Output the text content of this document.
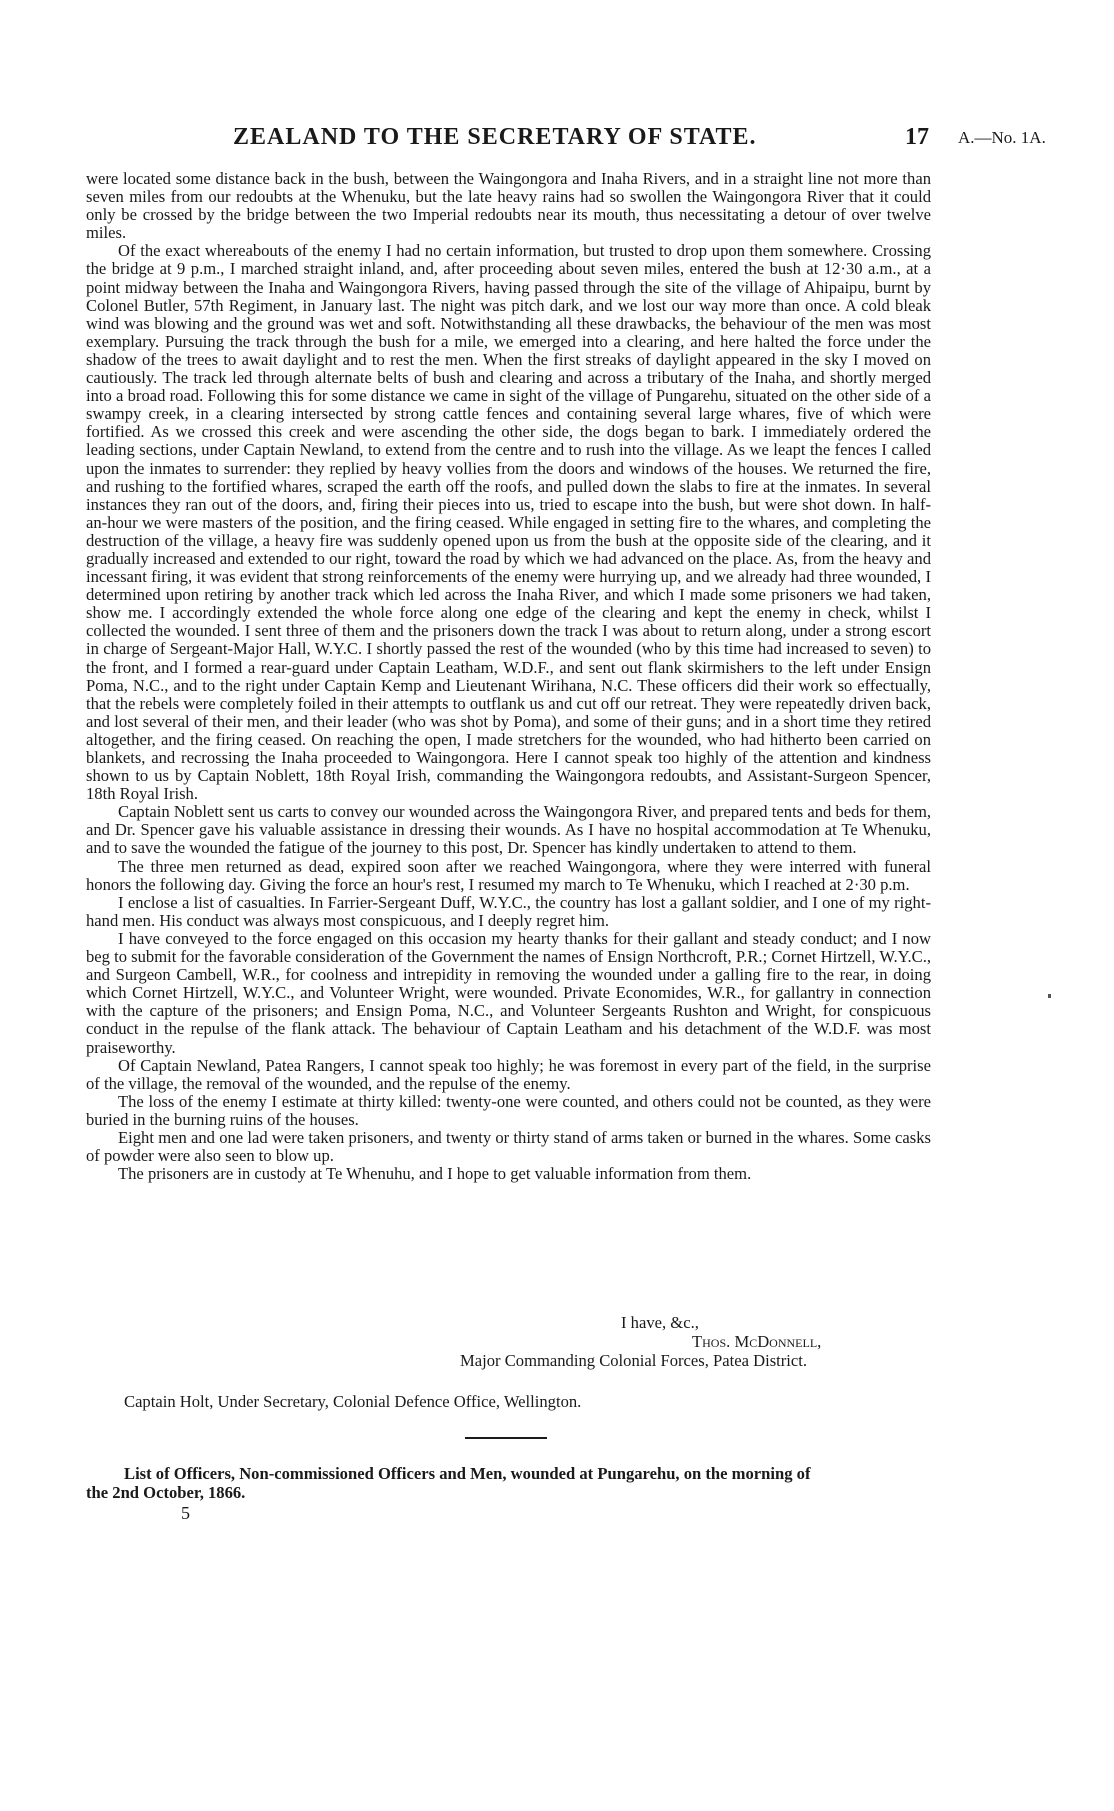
ZEALAND TO THE SECRETARY OF STATE.	17 A.—No. 1A.

were located some distance back in the bush, between the Waingongora and Inaha Rivers, and in a straight line not more than seven miles from our redoubts at the Whenuku, but the late heavy rains had so swollen the Waingongora River that it could only be crossed by the bridge between the two Imperial redoubts near its mouth, thus necessitating a detour of over twelve miles.

Of the exact whereabouts of the enemy I had no certain information, but trusted to drop upon them somewhere. Crossing the bridge at 9 p.m., I marched straight inland, and, after proceeding about seven miles, entered the bush at 12·30 a.m., at a point midway between the Inaha and Waingongora Rivers, having passed through the site of the village of Ahipaipu, burnt by Colonel Butler, 57th Regiment, in January last. The night was pitch dark, and we lost our way more than once. A cold bleak wind was blowing and the ground was wet and soft. Notwithstanding all these drawbacks, the behaviour of the men was most exemplary. Pursuing the track through the bush for a mile, we emerged into a clearing, and here halted the force under the shadow of the trees to await daylight and to rest the men. When the first streaks of daylight appeared in the sky I moved on cautiously. The track led through alternate belts of bush and clearing and across a tributary of the Inaha, and shortly merged into a broad road. Following this for some distance we came in sight of the village of Pungarehu, situated on the other side of a swampy creek, in a clearing intersected by strong cattle fences and containing several large whares, five of which were fortified. As we crossed this creek and were ascending the other side, the dogs began to bark. I immediately ordered the leading sections, under Captain Newland, to extend from the centre and to rush into the village. As we leapt the fences I called upon the inmates to surrender: they replied by heavy vollies from the doors and windows of the houses. We returned the fire, and rushing to the fortified whares, scraped the earth off the roofs, and pulled down the slabs to fire at the inmates. In several instances they ran out of the doors, and, firing their pieces into us, tried to escape into the bush, but were shot down. In half-an-hour we were masters of the position, and the firing ceased. While engaged in setting fire to the whares, and completing the destruction of the village, a heavy fire was suddenly opened upon us from the bush at the opposite side of the clearing, and it gradually increased and extended to our right, toward the road by which we had advanced on the place. As, from the heavy and incessant firing, it was evident that strong reinforcements of the enemy were hurrying up, and we already had three wounded, I determined upon retiring by another track which led across the Inaha River, and which I made some prisoners we had taken, show me. I accordingly extended the whole force along one edge of the clearing and kept the enemy in check, whilst I collected the wounded. I sent three of them and the prisoners down the track I was about to return along, under a strong escort in charge of Sergeant-Major Hall, W.Y.C. I shortly passed the rest of the wounded (who by this time had increased to seven) to the front, and I formed a rear-guard under Captain Leatham, W.D.F., and sent out flank skirmishers to the left under Ensign Poma, N.C., and to the right under Captain Kemp and Lieutenant Wirihana, N.C. These officers did their work so effectually, that the rebels were completely foiled in their attempts to outflank us and cut off our retreat. They were repeatedly driven back, and lost several of their men, and their leader (who was shot by Poma), and some of their guns; and in a short time they retired altogether, and the firing ceased. On reaching the open, I made stretchers for the wounded, who had hitherto been carried on blankets, and recrossing the Inaha proceeded to Waingongora. Here I cannot speak too highly of the attention and kindness shown to us by Captain Noblett, 18th Royal Irish, commanding the Waingongora redoubts, and Assistant-Surgeon Spencer, 18th Royal Irish.

Captain Noblett sent us carts to convey our wounded across the Waingongora River, and prepared tents and beds for them, and Dr. Spencer gave his valuable assistance in dressing their wounds. As I have no hospital accommodation at Te Whenuku, and to save the wounded the fatigue of the journey to this post, Dr. Spencer has kindly undertaken to attend to them.

The three men returned as dead, expired soon after we reached Waingongora, where they were interred with funeral honors the following day. Giving the force an hour's rest, I resumed my march to Te Whenuku, which I reached at 2·30 p.m.

I enclose a list of casualties. In Farrier-Sergeant Duff, W.Y.C., the country has lost a gallant soldier, and I one of my right-hand men. His conduct was always most conspicuous, and I deeply regret him.

I have conveyed to the force engaged on this occasion my hearty thanks for their gallant and steady conduct; and I now beg to submit for the favorable consideration of the Government the names of Ensign Northcroft, P.R.; Cornet Hirtzell, W.Y.C., and Surgeon Cambell, W.R., for coolness and intrepidity in removing the wounded under a galling fire to the rear, in doing which Cornet Hirtzell, W.Y.C., and Volunteer Wright, were wounded. Private Economides, W.R., for gallantry in connection with the capture of the prisoners; and Ensign Poma, N.C., and Volunteer Sergeants Rushton and Wright, for conspicuous conduct in the repulse of the flank attack. The behaviour of Captain Leatham and his detachment of the W.D.F. was most praiseworthy.

Of Captain Newland, Patea Rangers, I cannot speak too highly; he was foremost in every part of the field, in the surprise of the village, the removal of the wounded, and the repulse of the enemy.

The loss of the enemy I estimate at thirty killed: twenty-one were counted, and others could not be counted, as they were buried in the burning ruins of the houses.

Eight men and one lad were taken prisoners, and twenty or thirty stand of arms taken or burned in the whares. Some casks of powder were also seen to blow up.

The prisoners are in custody at Te Whenuhu, and I hope to get valuable information from them.

I have, &c.,
Thos. McDonnell,
Major Commanding Colonial Forces, Patea District.
Captain Holt, Under Secretary, Colonial Defence Office, Wellington.
List of Officers, Non-commissioned Officers and Men, wounded at Pungarehu, on the morning of
the 2nd October, 1866.
5
